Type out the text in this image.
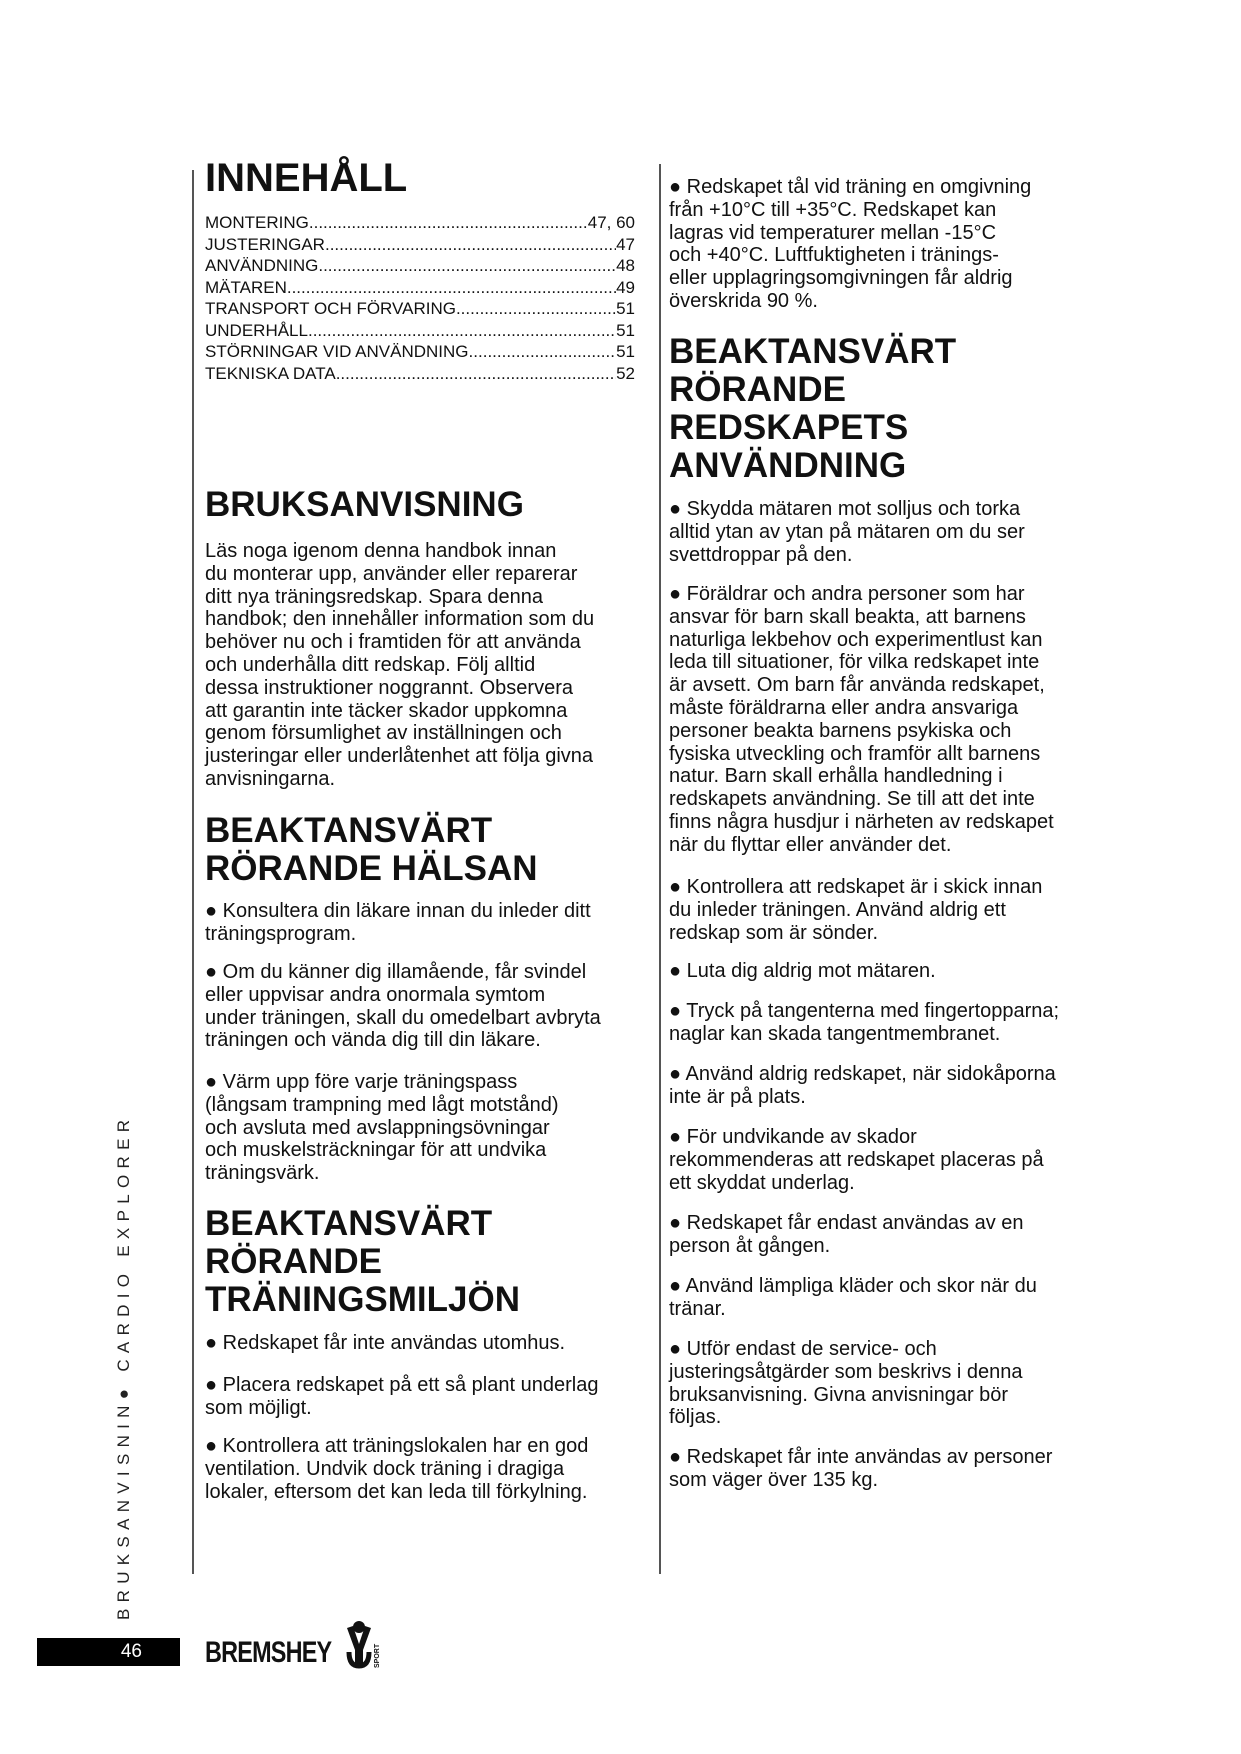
INNEHÅLL
MONTERING .....	47, 60
JUSTERINGAR .....	47
ANVÄNDNING .....	48
MÄTAREN .....	49
TRANSPORT OCH FÖRVARING .....	51
UNDERHÅLL .....	51
STÖRNINGAR VID ANVÄNDNING .....	51
TEKNISKA DATA .....	52
BRUKSANVISNING
Läs noga igenom denna handbok innan
du monterar upp, använder eller reparerar
ditt nya träningsredskap. Spara denna
handbok; den innehåller information som du
behöver nu och i framtiden för att använda
och underhålla ditt redskap. Följ alltid
dessa instruktioner noggrannt. Observera
att garantin inte täcker skador uppkomna
genom försumlighet av inställningen och
justeringar eller underlåtenhet att följa givna
anvisningarna.
BEAKTANSVÄRT
RÖRANDE HÄLSAN
● Konsultera din läkare innan du inleder ditt
träningsprogram.
● Om du känner dig illamående, får svindel
eller uppvisar andra onormala symtom
under träningen, skall du omedelbart avbryta
träningen och vända dig till din läkare.
● Värm upp före varje träningspass
(långsam trampning med lågt motstånd)
och avsluta med avslappningsövningar
och muskelsträckningar för att undvika
träningsvärk.
BEAKTANSVÄRT
RÖRANDE
TRÄNINGSMILJÖN
● Redskapet får inte användas utomhus.
● Placera redskapet på ett så plant underlag
som möjligt.
● Kontrollera att träningslokalen har en god
ventilation. Undvik dock träning i dragiga
lokaler, eftersom det kan leda till förkylning.
● Redskapet tål vid träning en omgivning
från +10°C till +35°C. Redskapet kan
lagras vid temperaturer mellan -15°C
och +40°C. Luftfuktigheten i tränings-
eller upplagringsomgivningen får aldrig
överskrida 90 %.
BEAKTANSVÄRT
RÖRANDE
REDSKAPETS
ANVÄNDNING
● Skydda mätaren mot solljus och torka
alltid ytan av ytan på mätaren om du ser
svettdroppar på den.
● Föräldrar och andra personer som har
ansvar för barn skall beakta, att barnens
naturliga lekbehov och experimentlust kan
leda till situationer, för vilka redskapet inte
är avsett. Om barn får använda redskapet,
måste föräldrarna eller andra ansvariga
personer beakta barnens psykiska och
fysiska utveckling och framför allt barnens
natur. Barn skall erhålla handledning i
redskapets användning. Se till att det inte
finns några husdjur i närheten av redskapet
när du flyttar eller använder det.
● Kontrollera att redskapet är i skick innan
du inleder träningen. Använd aldrig ett
redskap som är sönder.
● Luta dig aldrig mot mätaren.
● Tryck på tangenterna med fingertopparna;
naglar kan skada tangentmembranet.
● Använd aldrig redskapet, när sidokåporna
inte är på plats.
● För undvikande av skador
rekommenderas att redskapet placeras på
ett skyddat underlag.
● Redskapet får endast användas av en
person åt gången.
● Använd lämpliga kläder och skor när du
tränar.
● Utför endast de service- och
justeringsåtgärder som beskrivs i denna
bruksanvisning. Givna anvisningar bör
följas.
● Redskapet får inte användas av personer
som väger över 135 kg.
BRUKSANVISNIN● CARDIO EXPLORER
46	BREMSHEY	SPORT
